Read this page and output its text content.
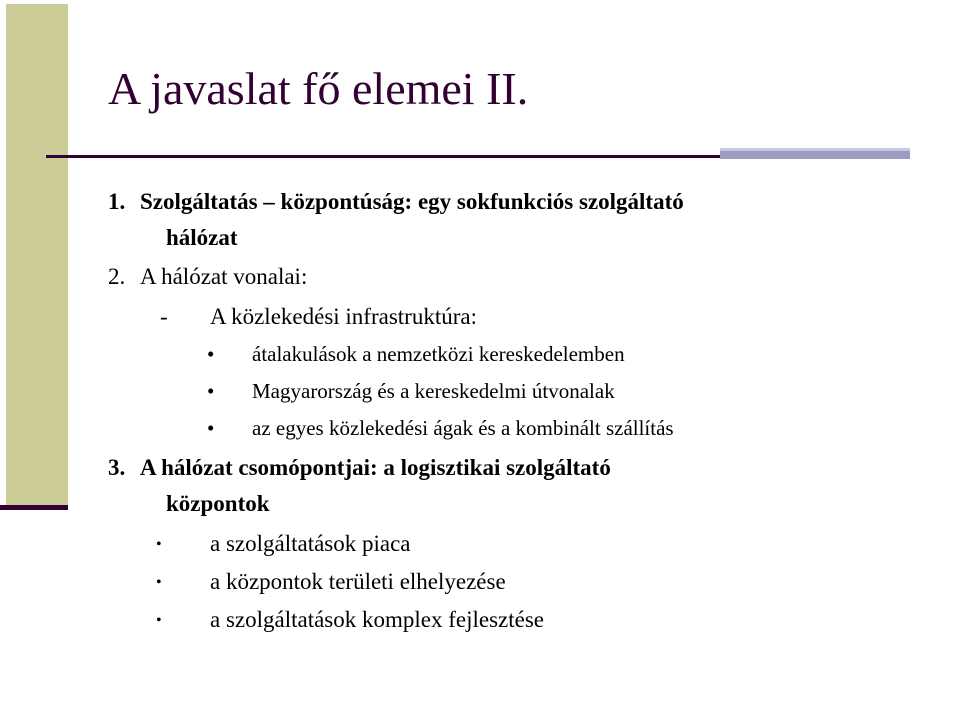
A javaslat fő elemei II.
1. Szolgáltatás – központúság: egy sokfunkciós szolgáltató
hálózat
2. A hálózat vonalai:
- A közlekedési infrastruktúra:
• átalakulások a nemzetközi kereskedelemben
• Magyarország és a kereskedelmi útvonalak
• az egyes közlekedési ágak és a kombinált szállítás
3. A hálózat csomópontjai: a logisztikai szolgáltató
központok
• a szolgáltatások piaca
• a központok területi elhelyezése
• a szolgáltatások komplex fejlesztése
